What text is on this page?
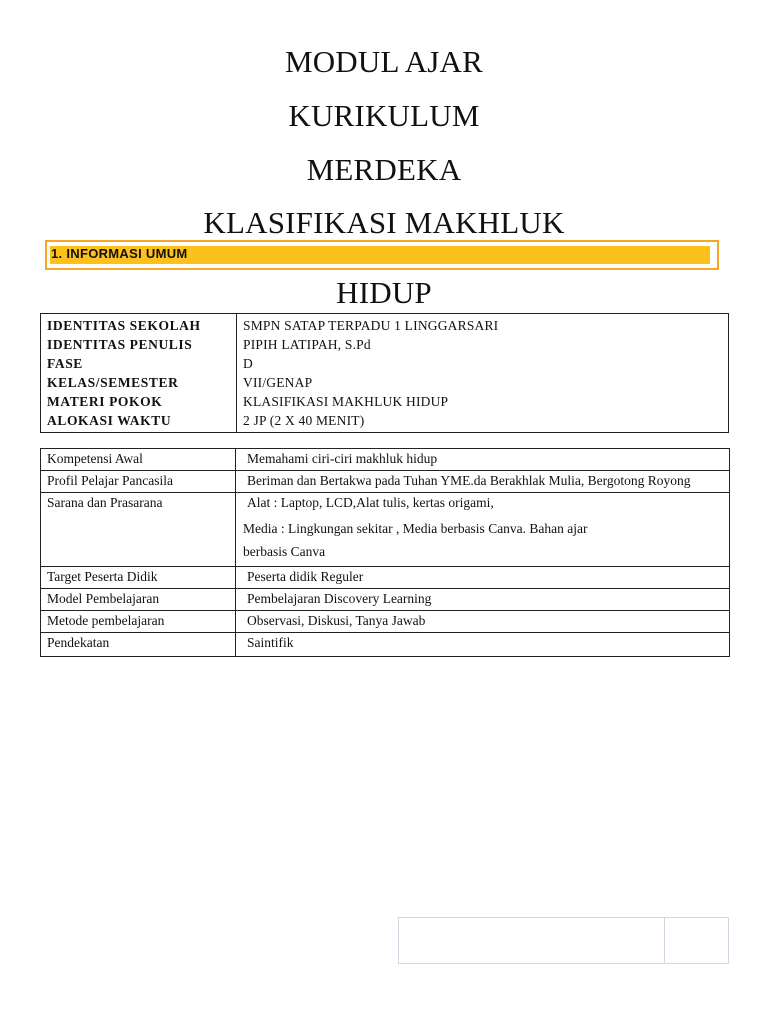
MODUL AJAR
KURIKULUM
MERDEKA
KLASIFIKASI MAKHLUK
1. INFORMASI UMUM
HIDUP
IDENTITAS SEKOLAH	SMPN SATAP TERPADU 1 LINGGARSARI
IDENTITAS PENULIS	PIPIH LATIPAH, S.Pd
FASE	D
KELAS/SEMESTER	VII/GENAP
MATERI POKOK	KLASIFIKASI MAKHLUK HIDUP
ALOKASI WAKTU	2 JP (2 X 40 MENIT)
Kompetensi Awal	Memahami ciri-ciri makhluk hidup
Profil Pelajar Pancasila	Beriman dan Bertakwa pada Tuhan YME.da Berakhlak Mulia, Bergotong Royong
Sarana dan Prasarana	Alat : Laptop, LCD,Alat tulis, kertas origami,

Media : Lingkungan sekitar , Media berbasis Canva. Bahan ajar

berbasis Canva

Target Peserta Didik	Peserta didik Reguler
Model Pembelajaran	Pembelajaran Discovery Learning
Metode pembelajaran	Observasi, Diskusi, Tanya Jawab
Pendekatan	Saintifik
